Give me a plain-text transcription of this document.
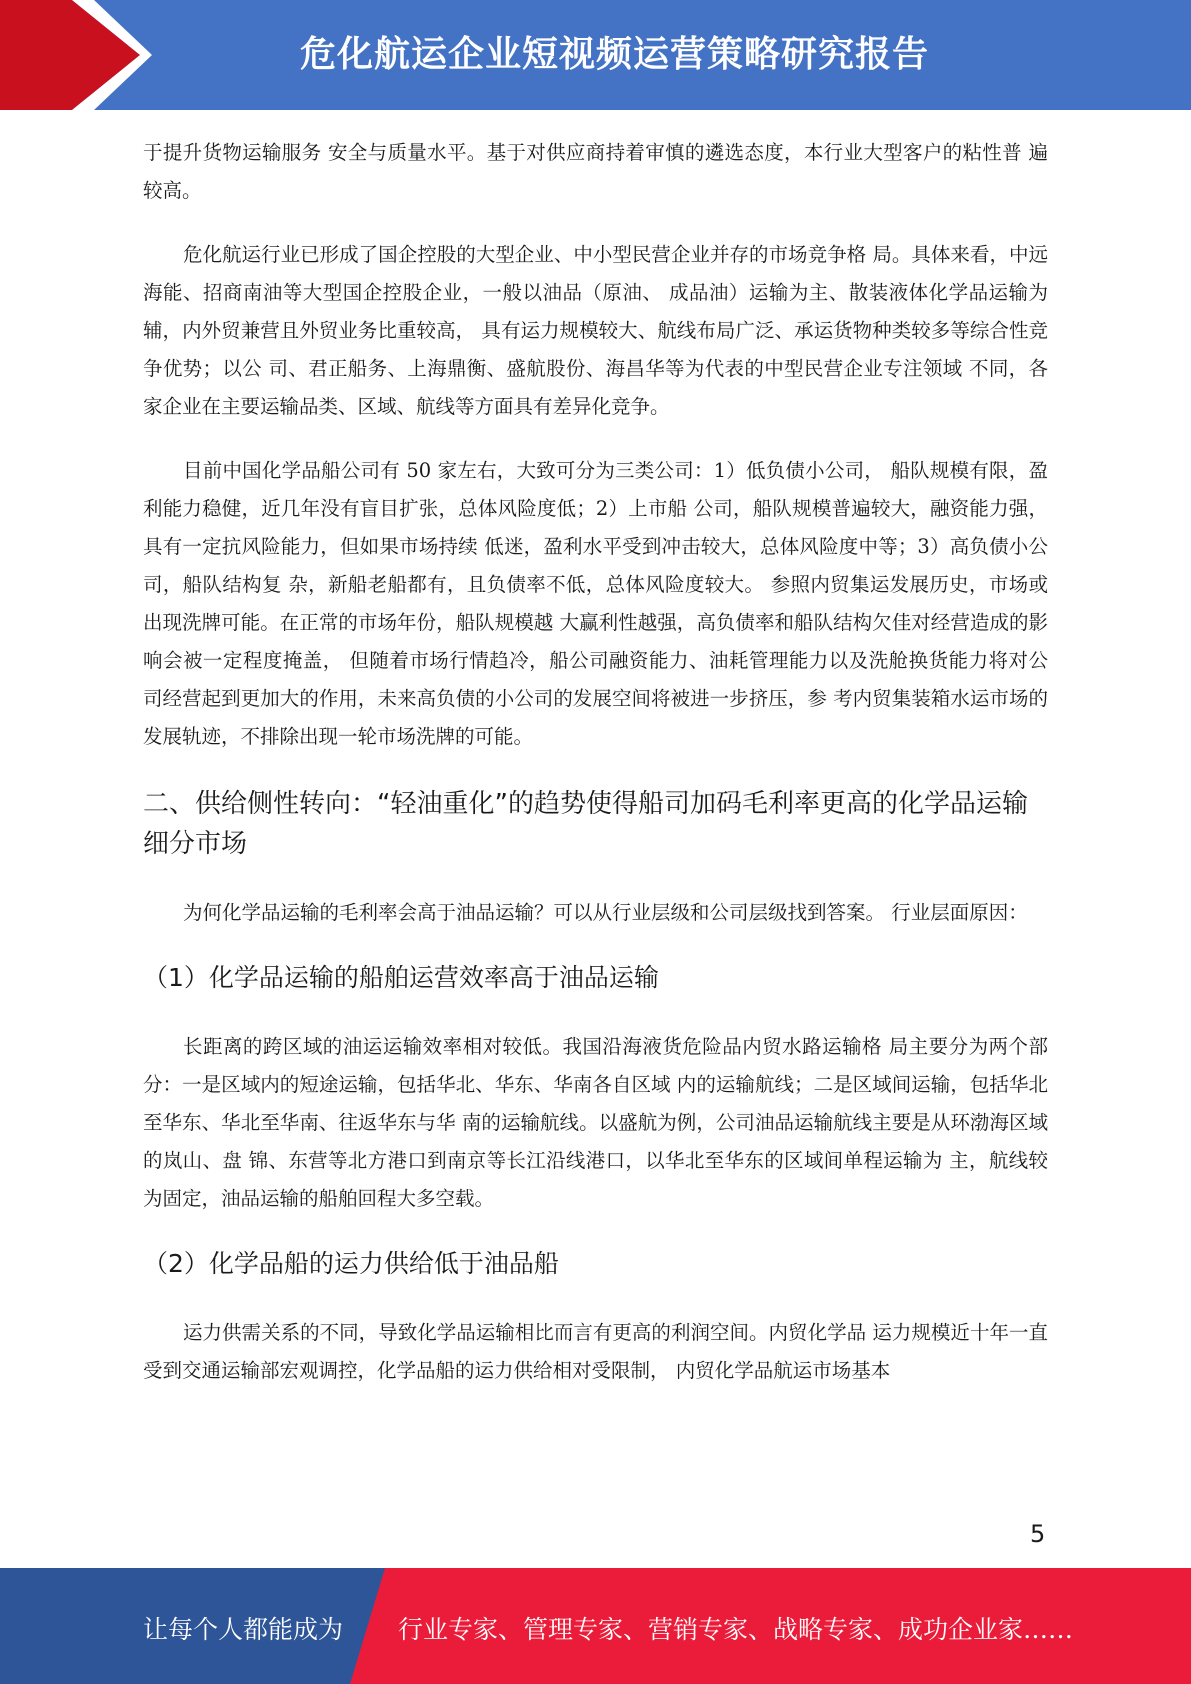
危化航运企业短视频运营策略研究报告

于提升货物运输服务 安全与质量水平。基于对供应商持着审慎的遴选态度，本行业大型客户的粘性普 遍较高。

危化航运行业已形成了国企控股的大型企业、中小型民营企业并存的市场竞争格 局。具体来看，中远海能、招商南油等大型国企控股企业，一般以油品（原油、 成品油）运输为主、散装液体化学品运输为辅，内外贸兼营且外贸业务比重较高， 具有运力规模较大、航线布局广泛、承运货物种类较多等综合性竞争优势；以公 司、君正船务、上海鼎衡、盛航股份、海昌华等为代表的中型民营企业专注领域 不同，各家企业在主要运输品类、区域、航线等方面具有差异化竞争。

目前中国化学品船公司有 50 家左右，大致可分为三类公司：1）低负债小公司， 船队规模有限，盈利能力稳健，近几年没有盲目扩张，总体风险度低；2）上市船 公司，船队规模普遍较大，融资能力强，具有一定抗风险能力，但如果市场持续 低迷，盈利水平受到冲击较大，总体风险度中等；3）高负债小公司，船队结构复 杂，新船老船都有，且负债率不低，总体风险度较大。 参照内贸集运发展历史，市场或出现洗牌可能。在正常的市场年份，船队规模越 大赢利性越强，高负债率和船队结构欠佳对经营造成的影响会被一定程度掩盖， 但随着市场行情趋冷，船公司融资能力、油耗管理能力以及洗舱换货能力将对公 司经营起到更加大的作用，未来高负债的小公司的发展空间将被进一步挤压，参 考内贸集装箱水运市场的发展轨迹，不排除出现一轮市场洗牌的可能。

二、供给侧性转向：“轻油重化”的趋势使得船司加码毛利率更高的化学品运输 细分市场

为何化学品运输的毛利率会高于油品运输？可以从行业层级和公司层级找到答案。 行业层面原因：

（1）化学品运输的船舶运营效率高于油品运输

长距离的跨区域的油运运输效率相对较低。我国沿海液货危险品内贸水路运输格 局主要分为两个部分：一是区域内的短途运输，包括华北、华东、华南各自区域 内的运输航线；二是区域间运输，包括华北至华东、华北至华南、往返华东与华 南的运输航线。以盛航为例，公司油品运输航线主要是从环渤海区域的岚山、盘 锦、东营等北方港口到南京等长江沿线港口，以华北至华东的区域间单程运输为 主，航线较为固定，油品运输的船舶回程大多空载。

（2）化学品船的运力供给低于油品船

运力供需关系的不同，导致化学品运输相比而言有更高的利润空间。内贸化学品 运力规模近十年一直受到交通运输部宏观调控，化学品船的运力供给相对受限制， 内贸化学品航运市场基本

5
让每个人都能成为 行业专家、管理专家、营销专家、战略专家、成功企业家……
